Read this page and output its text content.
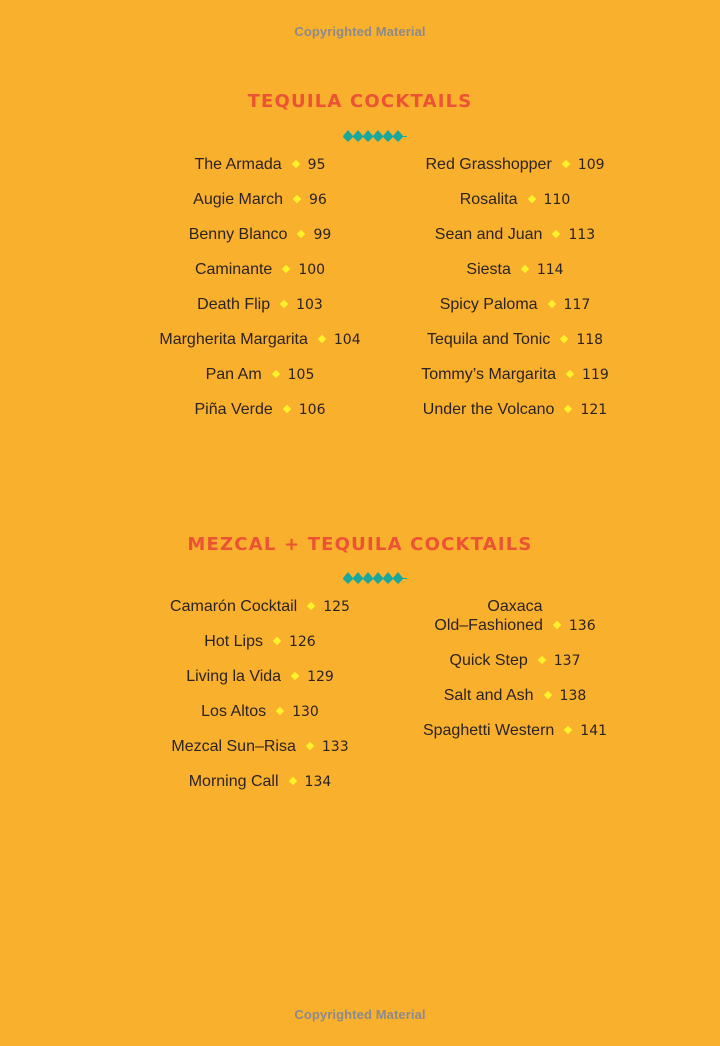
Copyrighted Material
TEQUILA COCKTAILS
The Armada 95
Augie March 96
Benny Blanco 99
Caminante 100
Death Flip 103
Margherita Margarita 104
Pan Am 105
Piña Verde 106
Red Grasshopper 109
Rosalita 110
Sean and Juan 113
Siesta 114
Spicy Paloma 117
Tequila and Tonic 118
Tommy’s Margarita 119
Under the Volcano 121
MEZCAL + TEQUILA COCKTAILS
Camarón Cocktail 125
Hot Lips 126
Living la Vida 129
Los Altos 130
Mezcal Sun–Risa 133
Morning Call 134
Oaxaca
Old–Fashioned 136
Quick Step 137
Salt and Ash 138
Spaghetti Western 141
Copyrighted Material
